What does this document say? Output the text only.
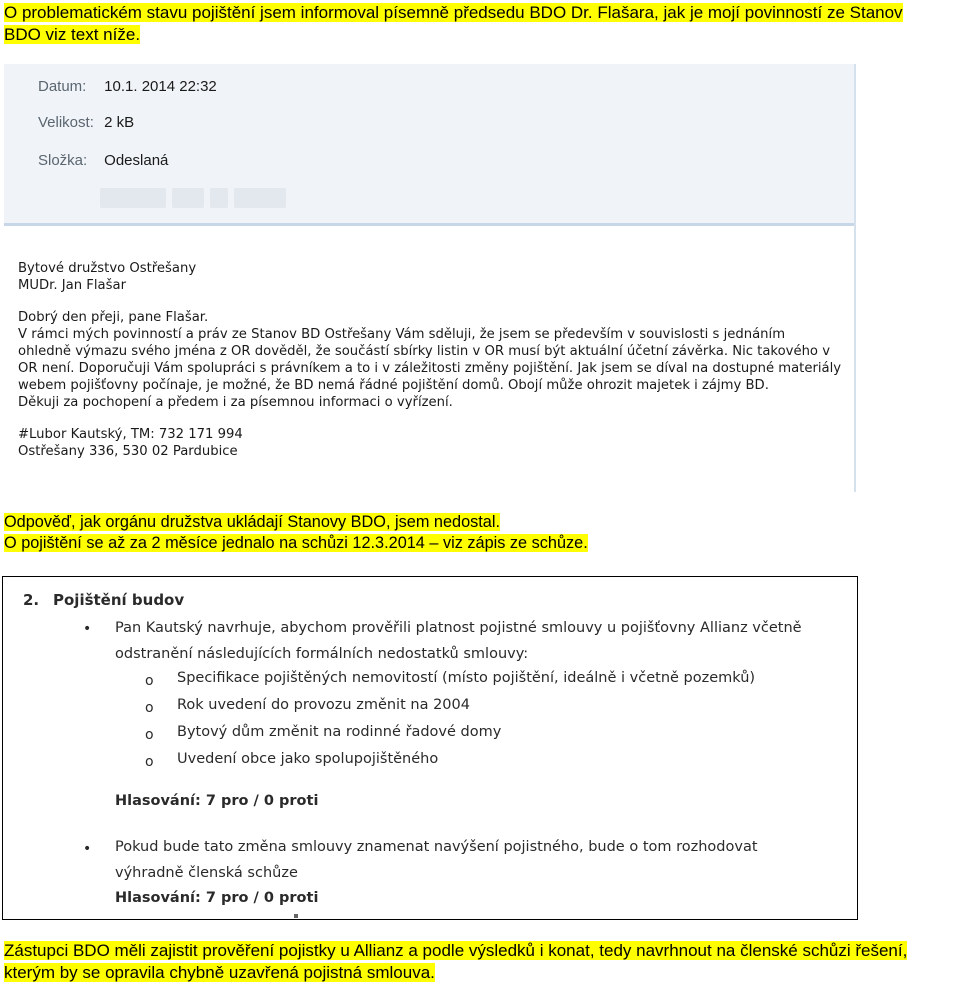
O problematickém stavu pojištění jsem informoval písemně předsedu BDO Dr. Flašara, jak je mojí povinností ze Stanov
BDO viz text níže.
Datum: 10.1. 2014 22:32
Velikost: 2 kB
Složka: Odeslaná
Nahorte	tbo	7	sertee

Bytové družstvo Ostřešany

MUDr. Jan Flašar

Dobrý den přeji, pane Flašar.

V rámci mých povinností a práv ze Stanov BD Ostřešany Vám sděluji, že jsem se především v souvislosti s jednáním

ohledně výmazu svého jména z OR dověděl, že součástí sbírky listin v OR musí být aktuální účetní závěrka. Nic takového v

OR není. Doporučuji Vám spolupráci s právníkem a to i v záležitosti změny pojištění. Jak jsem se díval na dostupné materiály

webem pojišťovny počínaje, je možné, že BD nemá řádné pojištění domů. Obojí může ohrozit majetek i zájmy BD.

Děkuji za pochopení a předem i za písemnou informaci o vyřízení.

#Lubor Kautský, TM: 732 171 994

Ostřešany 336, 530 02 Pardubice

Odpověď, jak orgánu družstva ukládají Stanovy BDO, jsem nedostal.
O pojištění se až za 2 měsíce jednalo na schůzi 12.3.2014 – viz zápis ze schůze.
2. Pojištění budov
• Pan Kautský navrhuje, abychom prověřili platnost pojistné smlouvy u pojišťovny Allianz včetně
odstranění následujících formálních nedostatků smlouvy:
o Specifikace pojištěných nemovitostí (místo pojištění, ideálně i včetně pozemků)
o Rok uvedení do provozu změnit na 2004
o Bytový dům změnit na rodinné řadové domy
o Uvedení obce jako spolupojištěného
Hlasování: 7 pro / 0 proti
• Pokud bude tato změna smlouvy znamenat navýšení pojistného, bude o tom rozhodovat
výhradně členská schůze
Hlasování: 7 pro / 0 proti
Zástupci BDO měli zajistit prověření pojistky u Allianz a podle výsledků i konat, tedy navrhnout na členské schůzi řešení,
kterým by se opravila chybně uzavřená pojistná smlouva.
